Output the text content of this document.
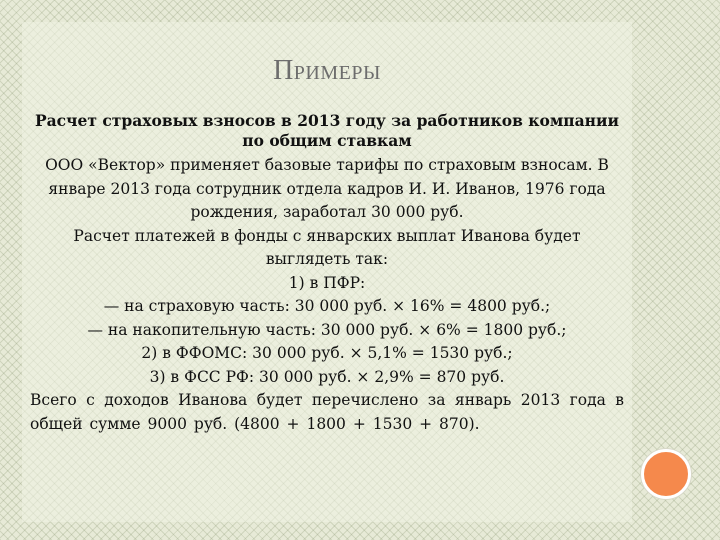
Примеры

Расчет страховых взносов в 2013 году за работников компании по общим ставкам

ООО «Вектор» применяет базовые тарифы по страховым взносам. В январе 2013 года сотрудник отдела кадров И. И. Иванов, 1976 года рождения, заработал 30 000 руб.

Расчет платежей в фонды с январских выплат Иванова будет выглядеть так:

1) в ПФР:

— на страховую часть: 30 000 руб. × 16% = 4800 руб.;

— на накопительную часть: 30 000 руб. × 6% = 1800 руб.;

2) в ФФОМС: 30 000 руб. × 5,1% = 1530 руб.;

3) в ФСС РФ: 30 000 руб. × 2,9% = 870 руб.

Всего с доходов Иванова будет перечислено за январь 2013 года в общей сумме 9000 руб. (4800 + 1800 + 1530 + 870).
